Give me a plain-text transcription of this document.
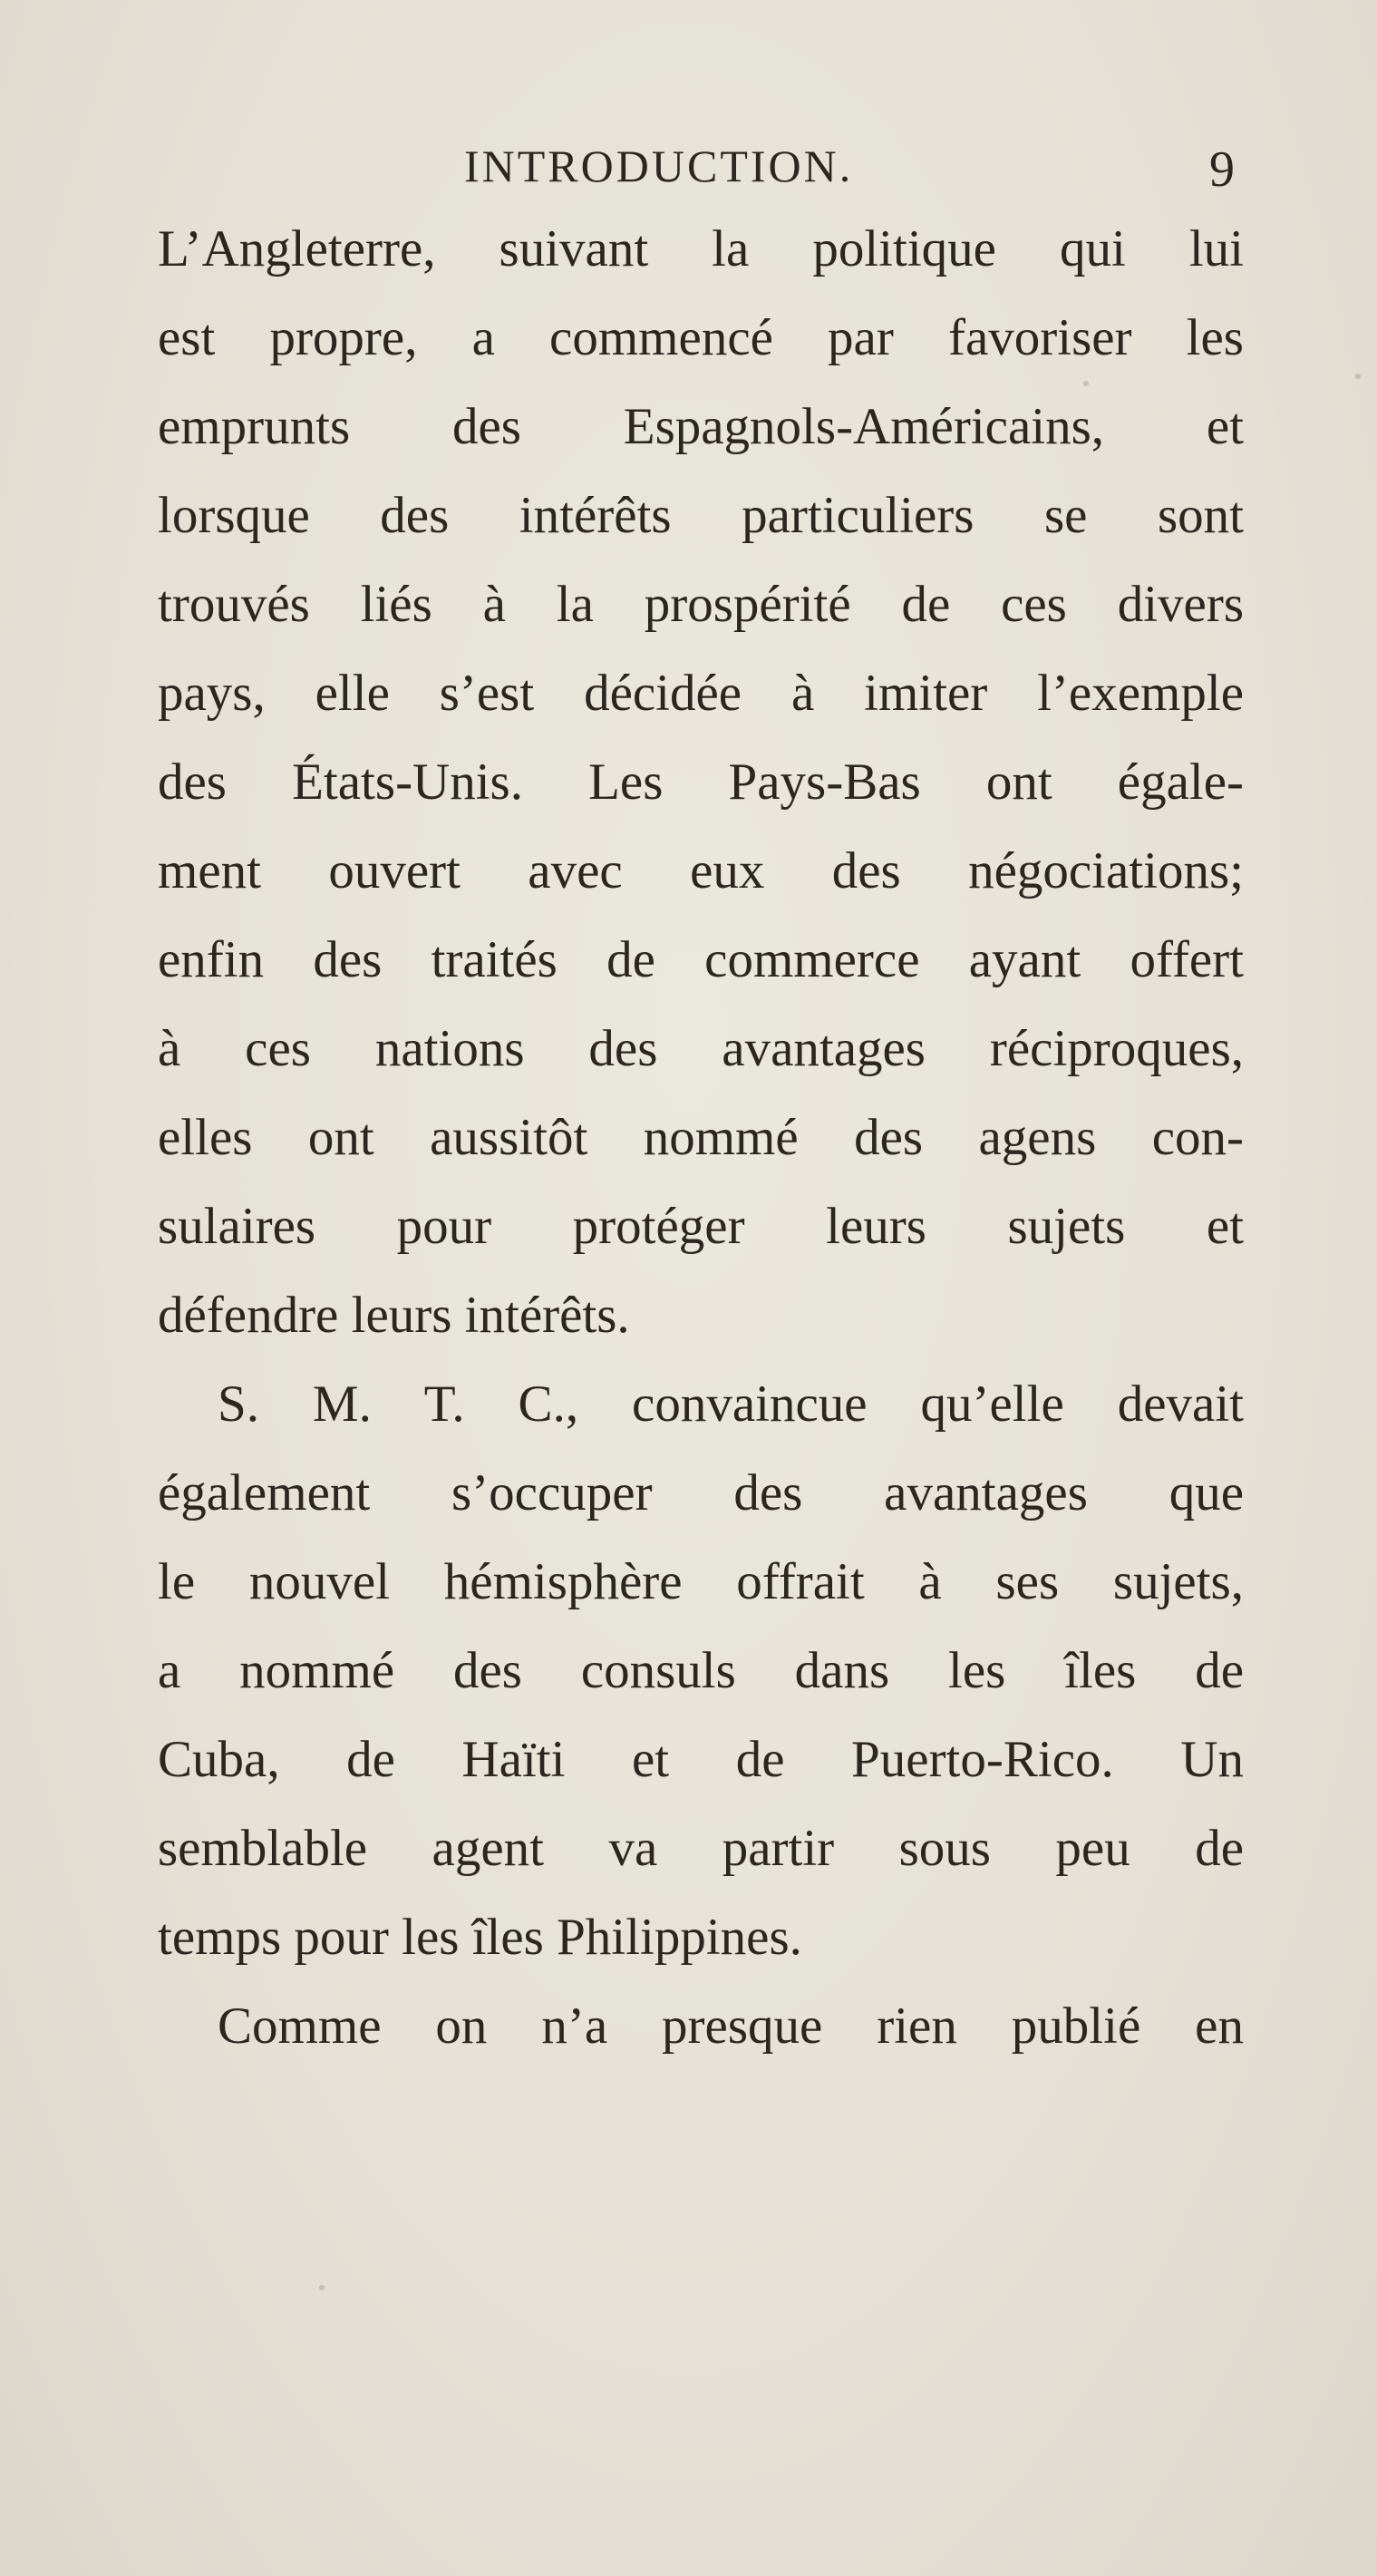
INTRODUCTION.	9
L’Angleterre, suivant la politique qui lui
est propre, a commencé par favoriser les
emprunts des Espagnols-Américains, et
lorsque des intérêts particuliers se sont
trouvés liés à la prospérité de ces divers
pays, elle s’est décidée à imiter l’exemple
des États-Unis. Les Pays-Bas ont égale-
ment ouvert avec eux des négociations;
enfin des traités de commerce ayant offert
à ces nations des avantages réciproques,
elles ont aussitôt nommé des agens con-
sulaires pour protéger leurs sujets et
défendre leurs intérêts.
S. M. T. C., convaincue qu’elle devait
également s’occuper des avantages que
le nouvel hémisphère offrait à ses sujets,
a nommé des consuls dans les îles de
Cuba, de Haïti et de Puerto-Rico. Un
semblable agent va partir sous peu de
temps pour les îles Philippines.
Comme on n’a presque rien publié en
